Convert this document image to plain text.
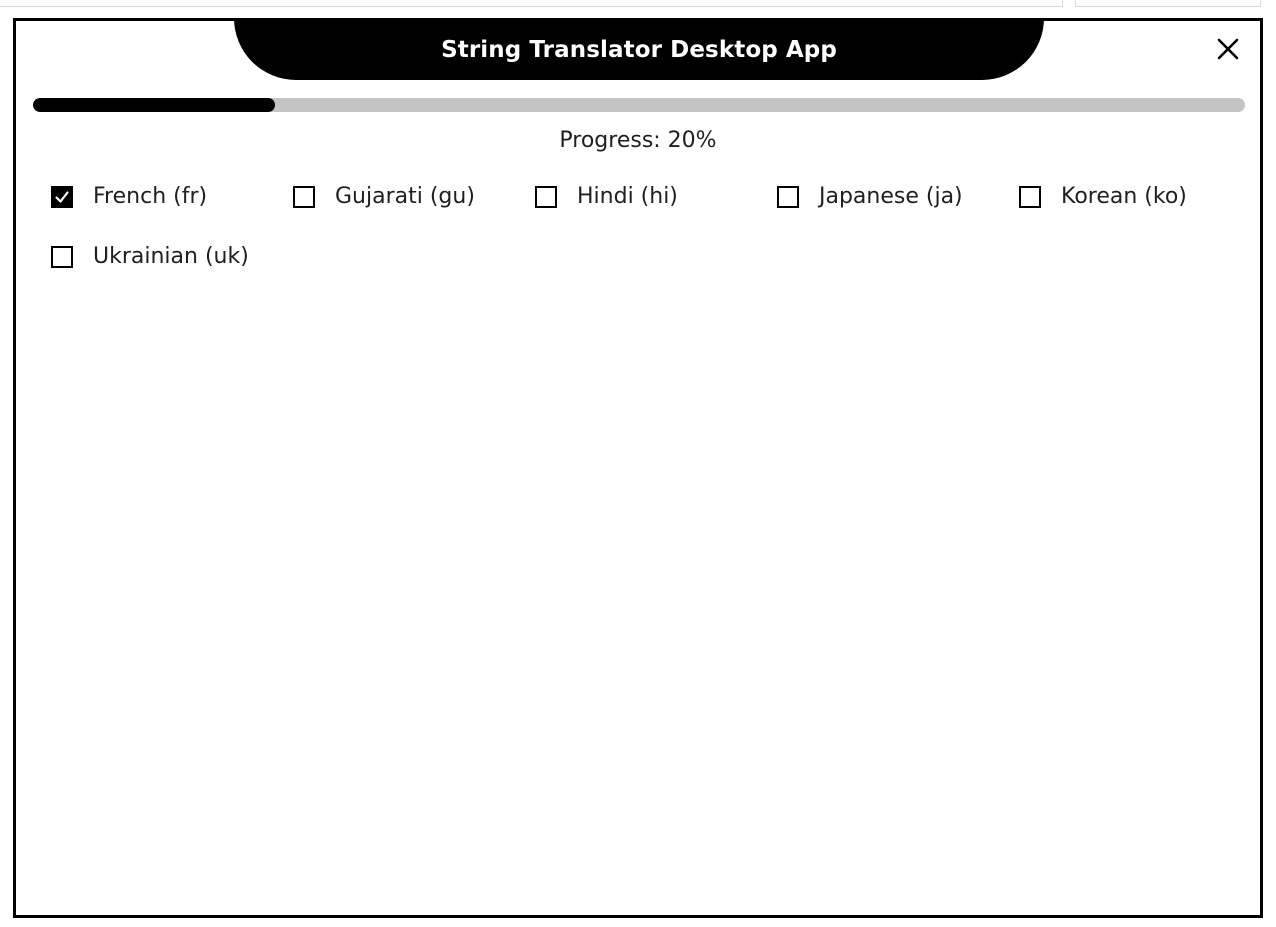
String Translator Desktop App
Progress: 20%
French (fr)	Gujarati (gu)	Hindi (hi)	Japanese (ja)	Korean (ko)
Ukrainian (uk)
